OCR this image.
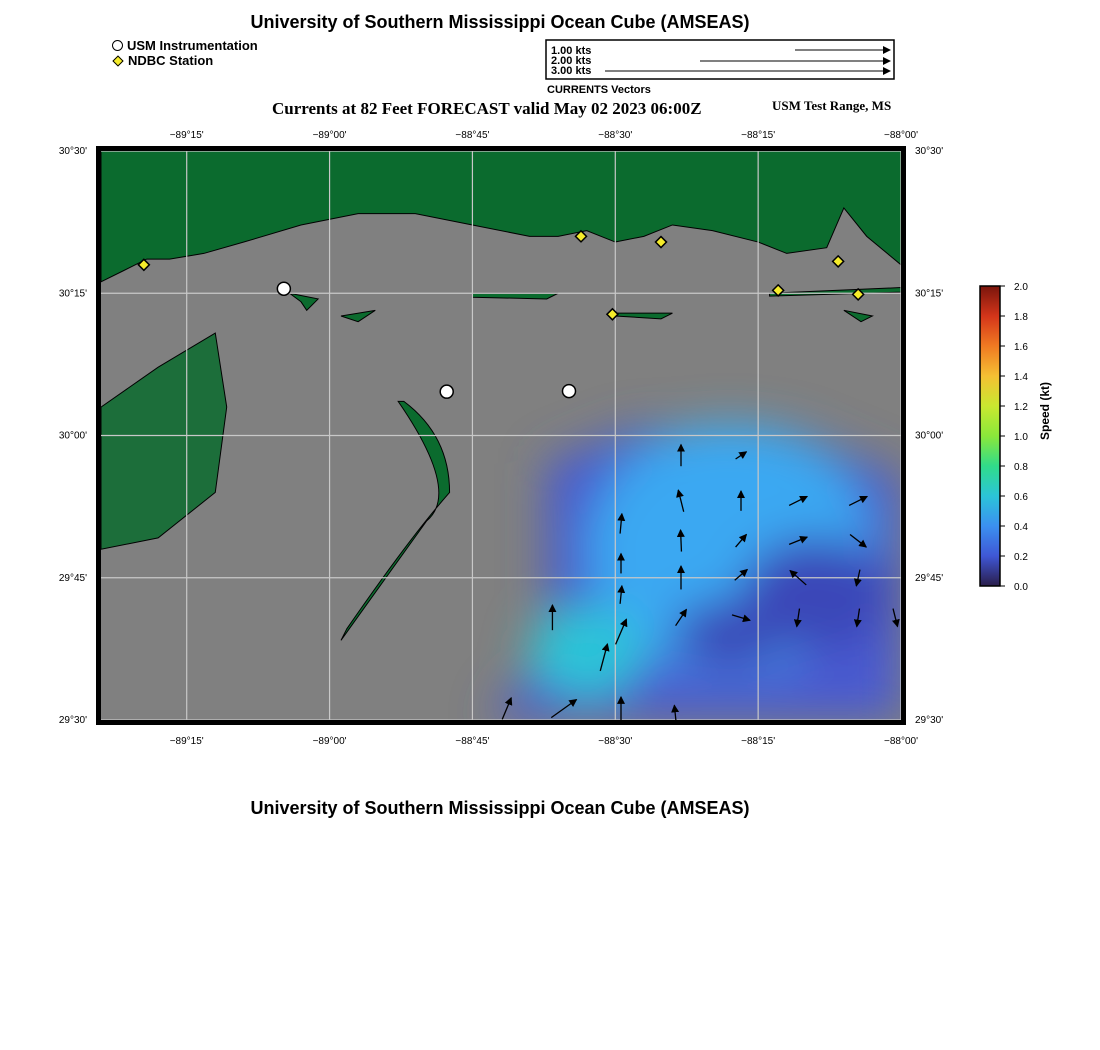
University of Southern Mississippi Ocean Cube (AMSEAS)
USM Instrumentation
NDBC Station
CURRENTS Vectors
Currents at 82 Feet FORECAST valid May 02 2023 06:00Z	USM Test Range, MS
1.00 kts
2.00 kts
3.00 kts
−89°15'
−89°15'
−89°00'
−89°00'
−88°45'
−88°45'
−88°30'
−88°30'
−88°15'
−88°15'
−88°00'
−88°00'
30°30'	30°30'
30°15'	30°15'
30°00'	30°00'
29°45'	29°45'
29°30'	29°30'
0.0
0.2
0.4
0.6
0.8
1.0
1.2
1.4
1.6
1.8
2.0
Speed (kt)
University of Southern Mississippi Ocean Cube (AMSEAS)
